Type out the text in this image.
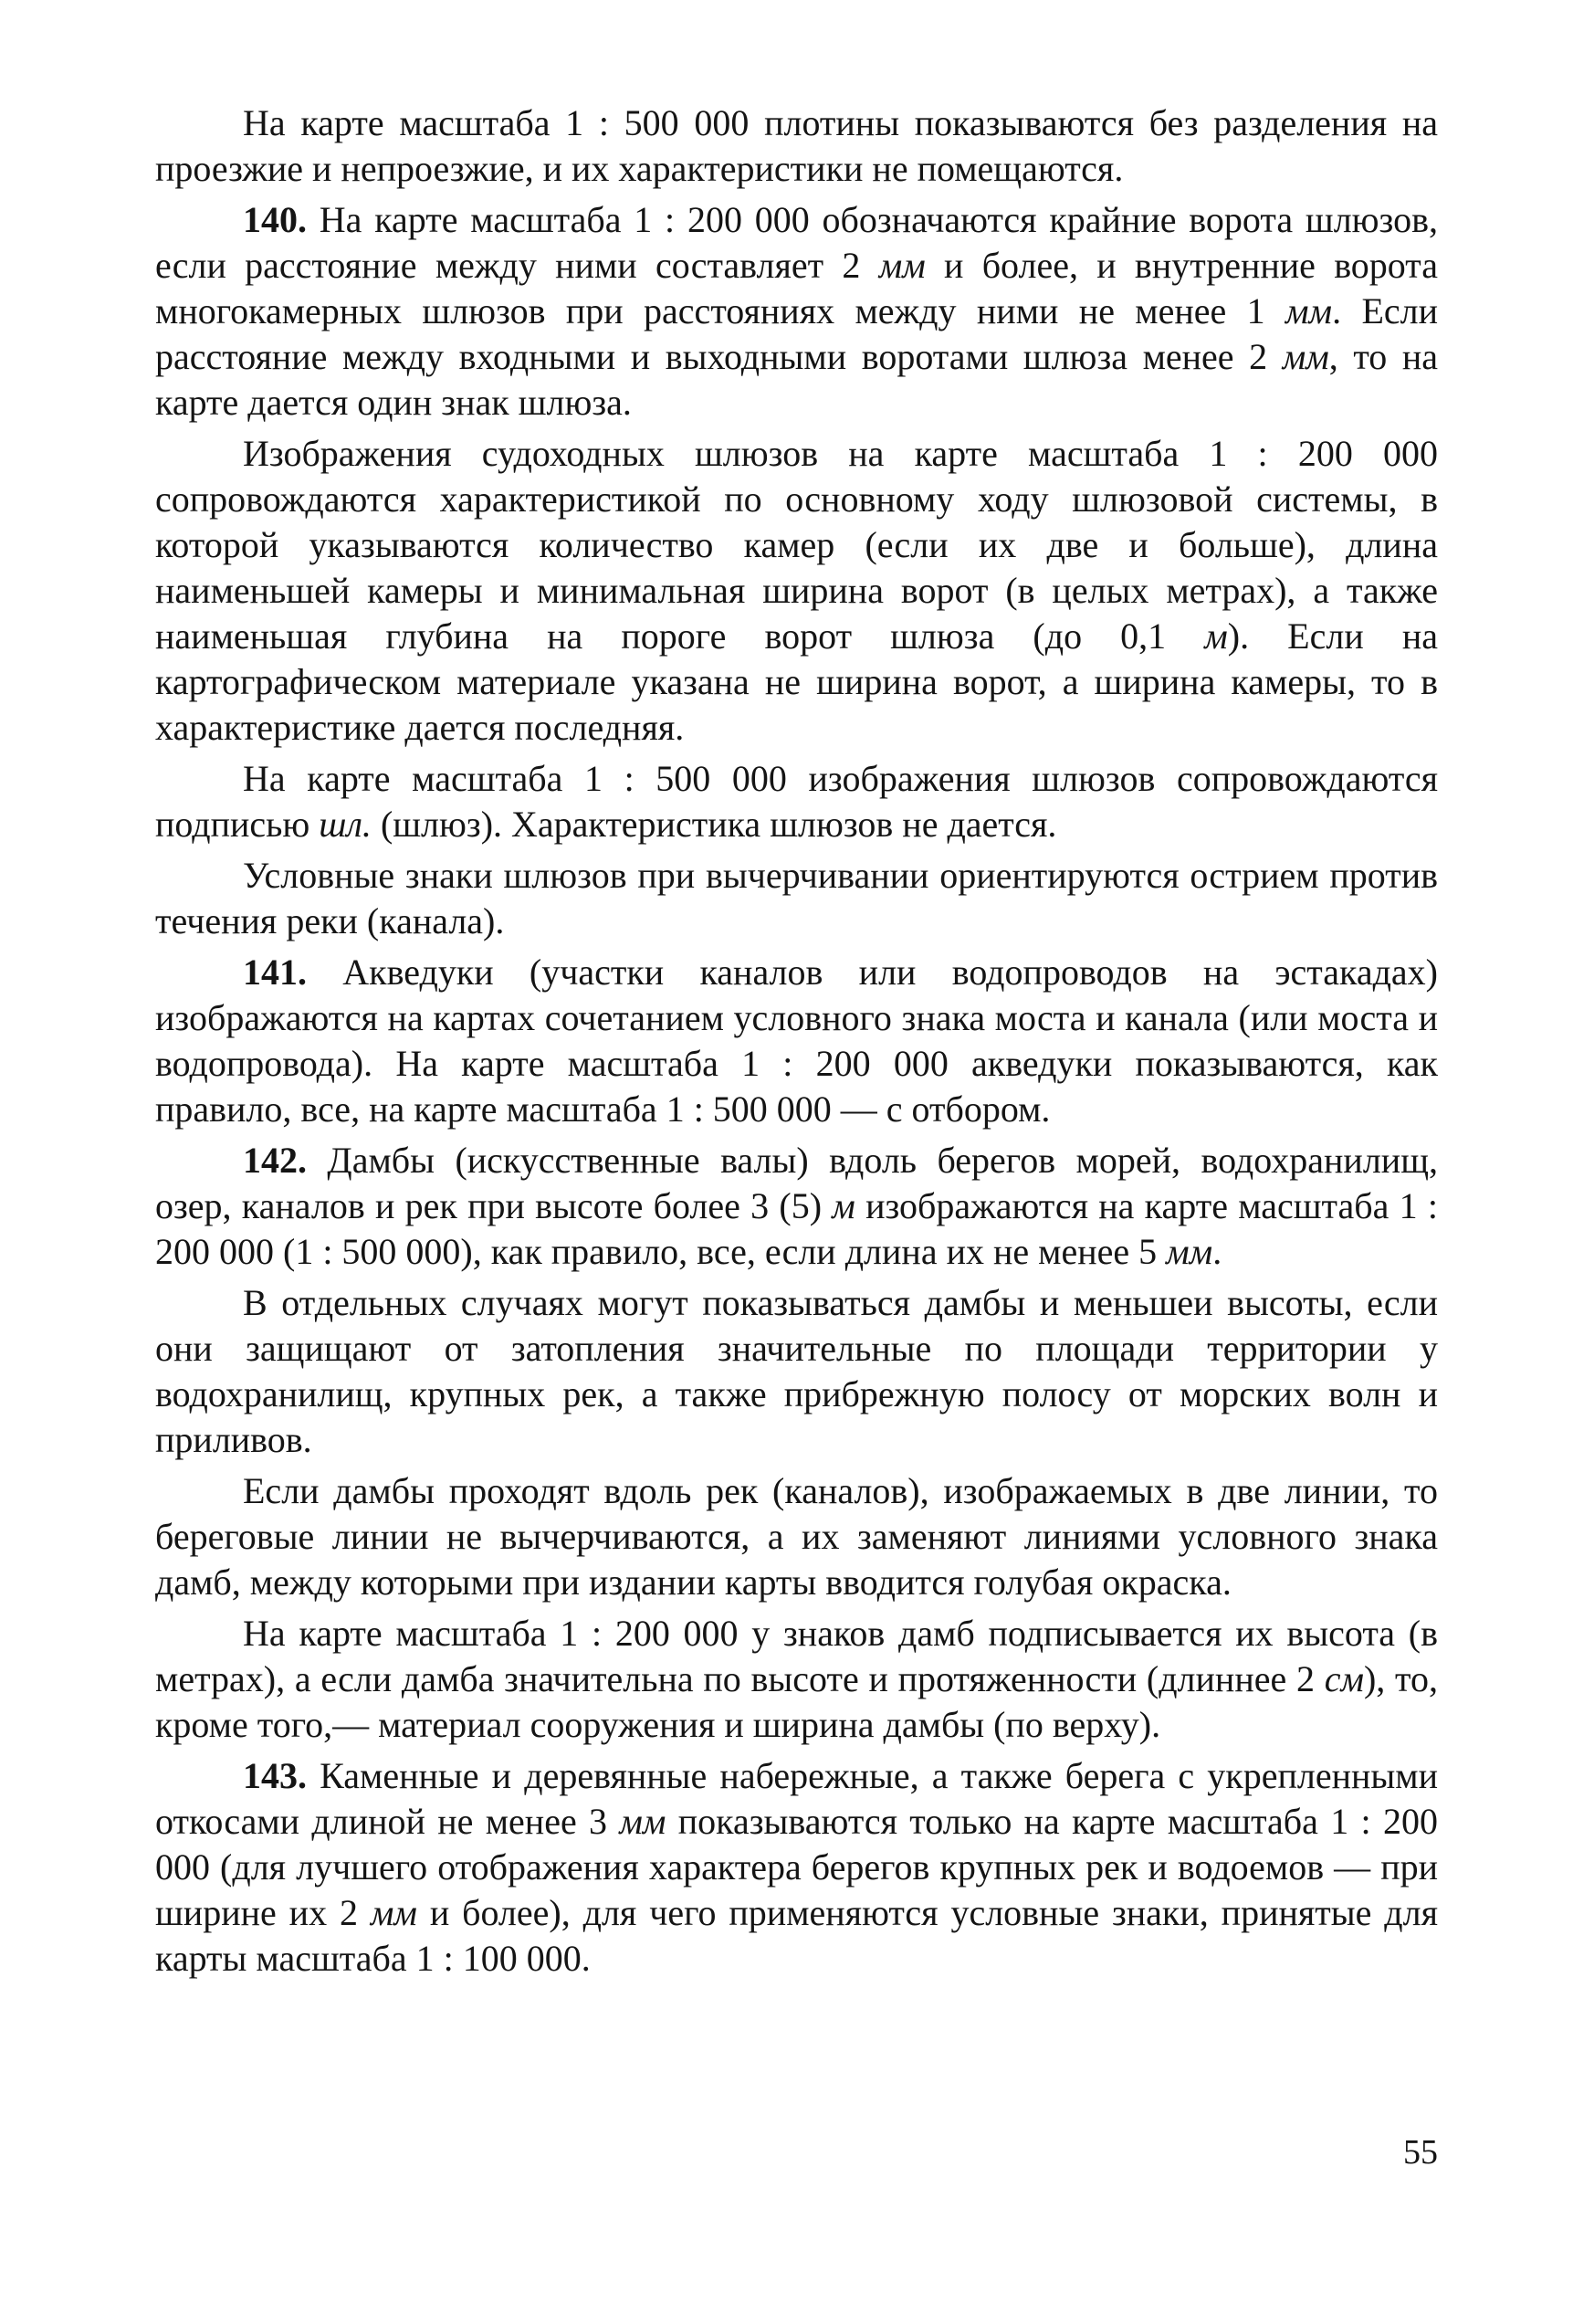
На карте масштаба 1 : 500 000 плотины показываются без разделения на проезжие и непроезжие, и их характеристики не помещаются.

140. На карте масштаба 1 : 200 000 обозначаются крайние ворота шлюзов, если расстояние между ними составляет 2 мм и более, и внутренние ворота многокамерных шлюзов при расстояниях между ними не менее 1 мм. Если расстояние между входными и выходными воротами шлюза менее 2 мм, то на карте дается один знак шлюза.

Изображения судоходных шлюзов на карте масштаба 1 : 200 000 сопровождаются характеристикой по основному ходу шлюзовой системы, в которой указываются количество камер (если их две и больше), длина наименьшей камеры и минимальная ширина ворот (в целых метрах), а также наименьшая глубина на пороге ворот шлюза (до 0,1 м). Если на картографическом материале указана не ширина ворот, а ширина камеры, то в характеристике дается последняя.

На карте масштаба 1 : 500 000 изображения шлюзов сопровождаются подписью шл. (шлюз). Характеристика шлюзов не дается.

Условные знаки шлюзов при вычерчивании ориентируются острием против течения реки (канала).

141. Акведуки (участки каналов или водопроводов на эстакадах) изображаются на картах сочетанием условного знака моста и канала (или моста и водопровода). На карте масштаба 1 : 200 000 акведуки показываются, как правило, все, на карте масштаба 1 : 500 000 — с отбором.

142. Дамбы (искусственные валы) вдоль берегов морей, водохранилищ, озер, каналов и рек при высоте более 3 (5) м изображаются на карте масштаба 1 : 200 000 (1 : 500 000), как правило, все, если длина их не менее 5 мм.

В отдельных случаях могут показываться дамбы и меньшеи высоты, если они защищают от затопления значительные по площади территории у водохранилищ, крупных рек, а также прибрежную полосу от морских волн и приливов.

Если дамбы проходят вдоль рек (каналов), изображаемых в две линии, то береговые линии не вычерчиваются, а их заменяют линиями условного знака дамб, между которыми при издании карты вводится голубая окраска.

На карте масштаба 1 : 200 000 у знаков дамб подписывается их высота (в метрах), а если дамба значительна по высоте и протяженности (длиннее 2 см), то, кроме того,— материал сооружения и ширина дамбы (по верху).

143. Каменные и деревянные набережные, а также берега с укрепленными откосами длиной не менее 3 мм показываются только на карте масштаба 1 : 200 000 (для лучшего отображения характера берегов крупных рек и водоемов — при ширине их 2 мм и более), для чего применяются условные знаки, принятые для карты масштаба 1 : 100 000.

55
